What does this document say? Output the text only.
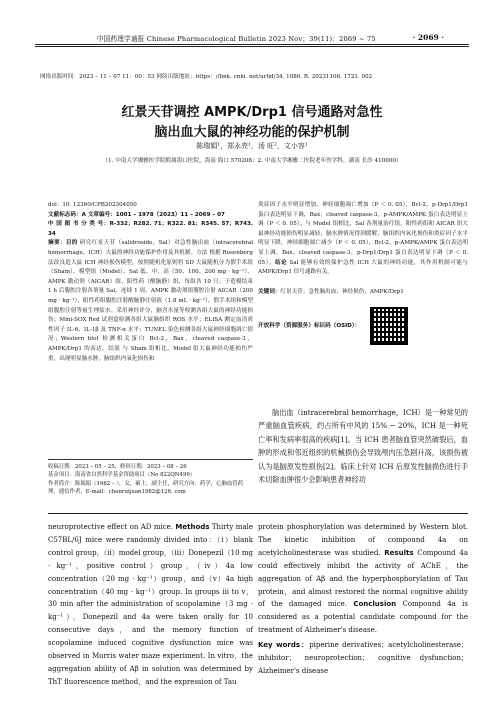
中国药理学通报 Chinese Pharmacological Bulletin 2023 Nov；39(11)：2069 ~ 75	· 2069 ·
网络出版时间：2023 – 11 – 07 11：00：53 网络出版地址：https：//link. cnki. net/urlid/34. 1086. R. 20231106. 1721. 002
红景天苷调控 AMPK/Drp1 信号通路对急性
脑出血大鼠的神经功能的保护机制
陈瑞娟¹，郑永亮¹，汤 旺²，文小容¹
（1. 中南大学湘雅医学院附属海口医院，海南 海口 570208；2. 中南大学湘雅二医院老年医学科，湖南 长沙 410000）
doi：10. 12360/CPB202304050
文献标志码：A 文章编号：1001 – 1978（2023）11 – 2069 – 07
中 国 图 书 分 类 号：R-332；R282. 71；R322. 81；R345. 57；R743. 34
摘要：目的 研究红景天苷（salidroside，Sal）对急性脑出血（intracerebral hemorrhage，ICH）大鼠的神经功能保护作用及其机制。方法 根据 Rosenberg 法改良造大鼠 ICH 神经损伤模型。按照随机化原则将 SD 大鼠随机分为假手术组（Sham）、模型组（Model）、Sal 低、中、高（50、100、200 mg · kg⁻¹）、AMPK 激动剂（AICAR）组、阳性药（醒脑静）组，每组各 10 只。于造模结束 1 h 后腹腔注射各剂量 Sal，连续 1 周，AMPK 激动剂组腹腔注射 AICAR（200 mg · kg⁻¹），阳性药组腹腔注射醒脑静注射液（1.8 mL · kg⁻¹），假手术组和模型组腹腔注射等量生理盐水。采用神经评分，脑含水量等检测各组大鼠的神经功能损伤；Mini-SOX Red 试剂盒检测各组大鼠脑组织 ROS 水平；ELISA 测定血清炎性因子 IL-6、IL-1β 及 TNF-α 水平；TUNEL 染色检测各组大鼠神经细胞凋亡情况；Western blot 检测相关蛋白 Bcl-2，Bax，cleaved caspase-3，AMPK/Drp1 的表达。结果 与 Sham 组相比，Model 组大鼠神经功能损伤严重，出现明显脑水肿，脑组织内氧化损伤和
炎症因子水平明显增加，神经细胞凋亡增加（P ＜ 0. 05），Bcl-2，p-Drp1/Drp1 蛋白表达明显下调，Bax，cleaved caspase-3，p-AMPK/AMPK 蛋白表达明显上调（P ＜ 0. 05）；与 Model 组相比，Sal 各剂量治疗组，阳性药组和 AICAR 组大鼠神经功能损伤明显减轻，脑水肿情况得到缓解，脑组织内氧化损伤和炎症因子水平明显下降，神经细胞凋亡减少（P ＜ 0. 05），Bcl-2，p-AMPK/AMPK 蛋白表达明显上调，Bax，cleaved caspase-3，p-Drp1/Drp1 蛋白表达明显下调（P ＜ 0. 05）。结论 Sal 能够有效的保护急性 ICH 大鼠的神经功能，其作用机制可能与 AMPK/Drp1 信号通路有关。
关键词：红景天苷；急性脑出血；神经损伤；AMPK/Drp1
开放科学（资源服务）标识码（OSID）：
脑出血（intracerebral hemorrhage，ICH）是一种常见的严重脑血管疾病，约占所有中风的 15% ~ 20%，ICH 是一种死亡率和发病率很高的疾病[1]。当 ICH 患者脑血管突然破裂后，血肿的形成和邻近组织的机械损伤会导致颅内压急剧升高，该损伤被认为是脑原发性损伤[2]。临床上针对 ICH 后原发性脑损伤进行手术切除血肿很少会影响患者神经功
收稿日期：2023 – 05 – 25，修回日期：2023 – 08 – 26
基金项目：海南省自然科学基金资助项目（No 822QN499）
作者简介：陈瑞娟（1982 – ），女，硕士，副主任，研究方向：药学，心脑血管药理，通信作者，E-mail：chenruijuan1982@126. com
neuroprotective effect on AD mice. Methods Thirty male C57BL/6J mice were randomly divided into：（i）blank control group，（ii）model group，（iii）Donepezil（10 mg · kg⁻¹，positive control）group，（iv）4a low concentration（20 mg · kg⁻¹）group，and（v）4a high concentration（40 mg · kg⁻¹）group. In groups iii to v，30 min after the administration of scopolamine（3 mg · kg⁻¹），Donepezil and 4a were taken orally for 10 consecutive days，and the memory function of scopolamine induced cognitive dysfunction mice was observed in Morris water maze experiment. In vitro，the aggregation ability of Aβ in solution was determined by ThT fluorescence method，and the expression of Tau
protein phosphorylation was determined by Western blot. The kinetic inhibition of compound 4a on acetylcholinesterase was studied. Results Compound 4a could effectively inhibit the activity of AChE，the aggregation of Aβ and the hyperphosphorylation of Tau protein，and almost restored the normal cognitive ability of the damaged mice. Conclusion Compound 4a is considered as a potential candidate compound for the treatment of Alzheimer's disease.
Key words：piperine derivatives；acetylcholinesterase；inhibitor； neuroprotection； cognitive dysfunction；Alzheimer's disease
